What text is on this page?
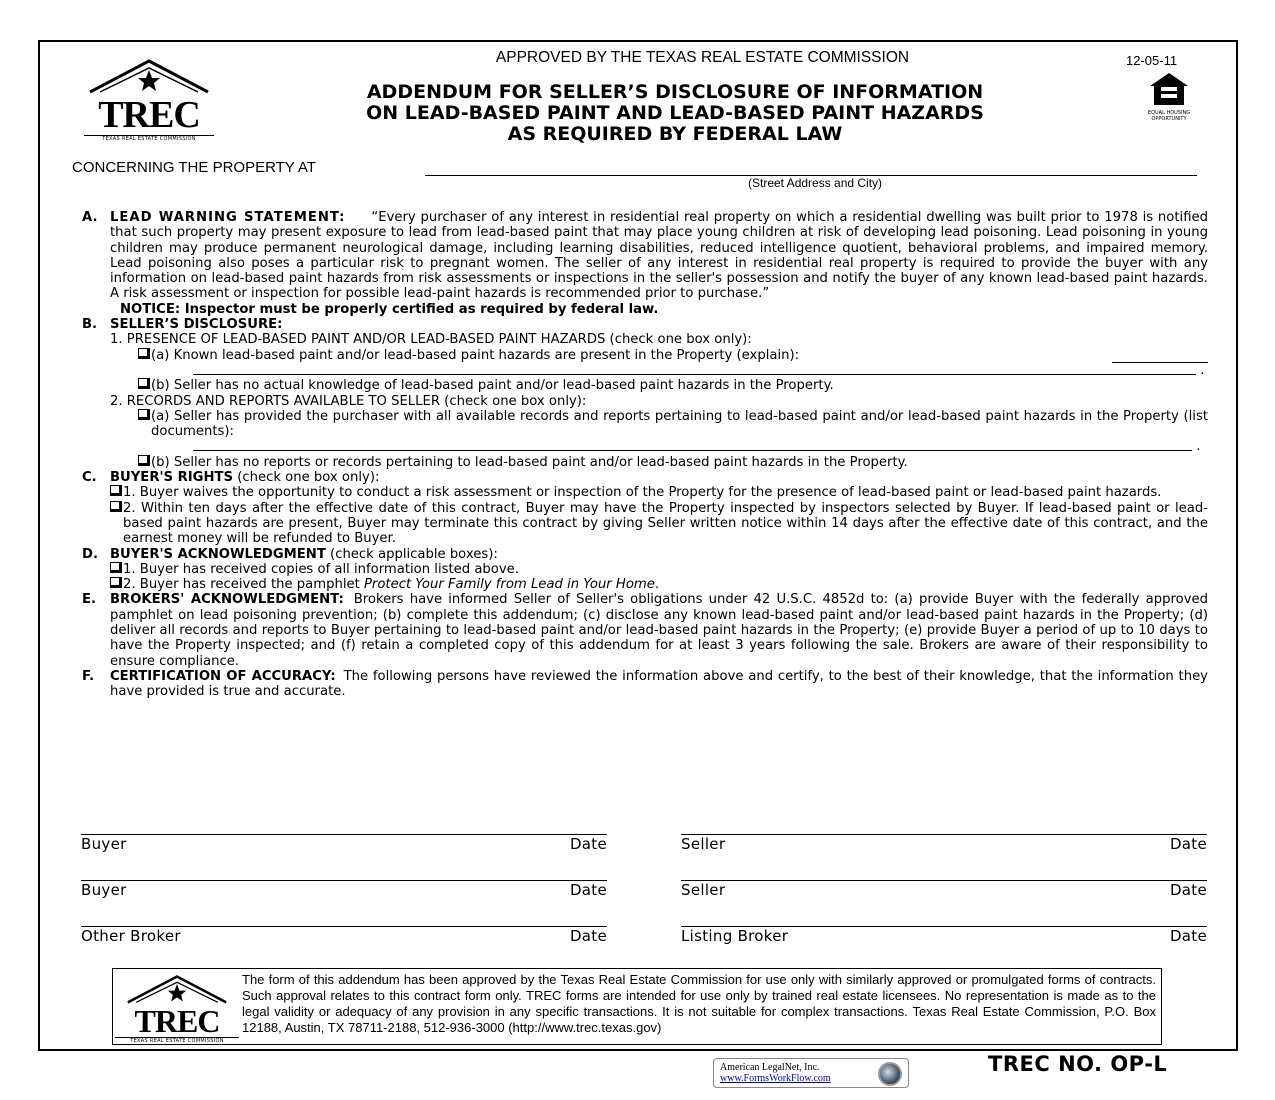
TREC
TEXAS REAL ESTATE COMMISSION
APPROVED BY THE TEXAS REAL ESTATE COMMISSION	12-05-11
ADDENDUM FOR SELLER’S DISCLOSURE OF INFORMATION
ON LEAD-BASED PAINT AND LEAD-BASED PAINT HAZARDS
AS REQUIRED BY FEDERAL LAW
EQUAL HOUSING OPPORTUNITY
CONCERNING THE PROPERTY AT
(Street Address and City)
A. LEAD WARNING STATEMENT: “Every purchaser of any interest in residential real property on which a residential dwelling was built prior to 1978 is notified that such property may present exposure to lead from lead-based paint that may place young children at risk of developing lead poisoning. Lead poisoning in young children may produce permanent neurological damage, including learning disabilities, reduced intelligence quotient, behavioral problems, and impaired memory. Lead poisoning also poses a particular risk to pregnant women. The seller of any interest in residential real property is required to provide the buyer with any information on lead-based paint hazards from risk assessments or inspections in the seller's possession and notify the buyer of any known lead-based paint hazards. A risk assessment or inspection for possible lead-paint hazards is recommended prior to purchase.”
NOTICE: Inspector must be properly certified as required by federal law.
B. SELLER’S DISCLOSURE:
1. PRESENCE OF LEAD-BASED PAINT AND/OR LEAD-BASED PAINT HAZARDS (check one box only):
(a) Known lead-based paint and/or lead-based paint hazards are present in the Property (explain):
.
(b) Seller has no actual knowledge of lead-based paint and/or lead-based paint hazards in the Property.
2. RECORDS AND REPORTS AVAILABLE TO SELLER (check one box only):
(a) Seller has provided the purchaser with all available records and reports pertaining to lead-based paint and/or lead-based paint hazards in the Property (list documents):
.
(b) Seller has no reports or records pertaining to lead-based paint and/or lead-based paint hazards in the Property.
C.	BUYER'S RIGHTS (check one box only):
1. Buyer waives the opportunity to conduct a risk assessment or inspection of the Property for the presence of lead-based paint or lead-based paint hazards.
2. Within ten days after the effective date of this contract, Buyer may have the Property inspected by inspectors selected by Buyer. If lead-based paint or lead-based paint hazards are present, Buyer may terminate this contract by giving Seller written notice within 14 days after the effective date of this contract, and the earnest money will be refunded to Buyer.
D. BUYER'S ACKNOWLEDGMENT (check applicable boxes):
1. Buyer has received copies of all information listed above.
2. Buyer has received the pamphlet Protect Your Family from Lead in Your Home.
E.	BROKERS' ACKNOWLEDGMENT: Brokers have informed Seller of Seller's obligations under 42 U.S.C. 4852d to: (a) provide Buyer with the federally approved pamphlet on lead poisoning prevention; (b) complete this addendum; (c) disclose any known lead-based paint and/or lead-based paint hazards in the Property; (d) deliver all records and reports to Buyer pertaining to lead-based paint and/or lead-based paint hazards in the Property; (e) provide Buyer a period of up to 10 days to have the Property inspected; and (f) retain a completed copy of this addendum for at least 3 years following the sale. Brokers are aware of their responsibility to ensure compliance.
F.	CERTIFICATION OF ACCURACY: The following persons have reviewed the information above and certify, to the best of their knowledge, that the information they have provided is true and accurate.
Buyer	Date	Seller	Date
Buyer	Date	Seller	Date
Other Broker	Date	Listing Broker	Date
TREC
TEXAS REAL ESTATE COMMISSION
The form of this addendum has been approved by the Texas Real Estate Commission for use only with similarly approved or promulgated forms of contracts. Such approval relates to this contract form only. TREC forms are intended for use only by trained real estate licensees. No representation is made as to the legal validity or adequacy of any provision in any specific transactions. It is not suitable for complex transactions. Texas Real Estate Commission, P.O. Box 12188, Austin, TX 78711-2188, 512-936-3000 (http://www.trec.texas.gov)
American LegalNet, Inc.
www.FormsWorkFlow.com
TREC NO. OP-L
